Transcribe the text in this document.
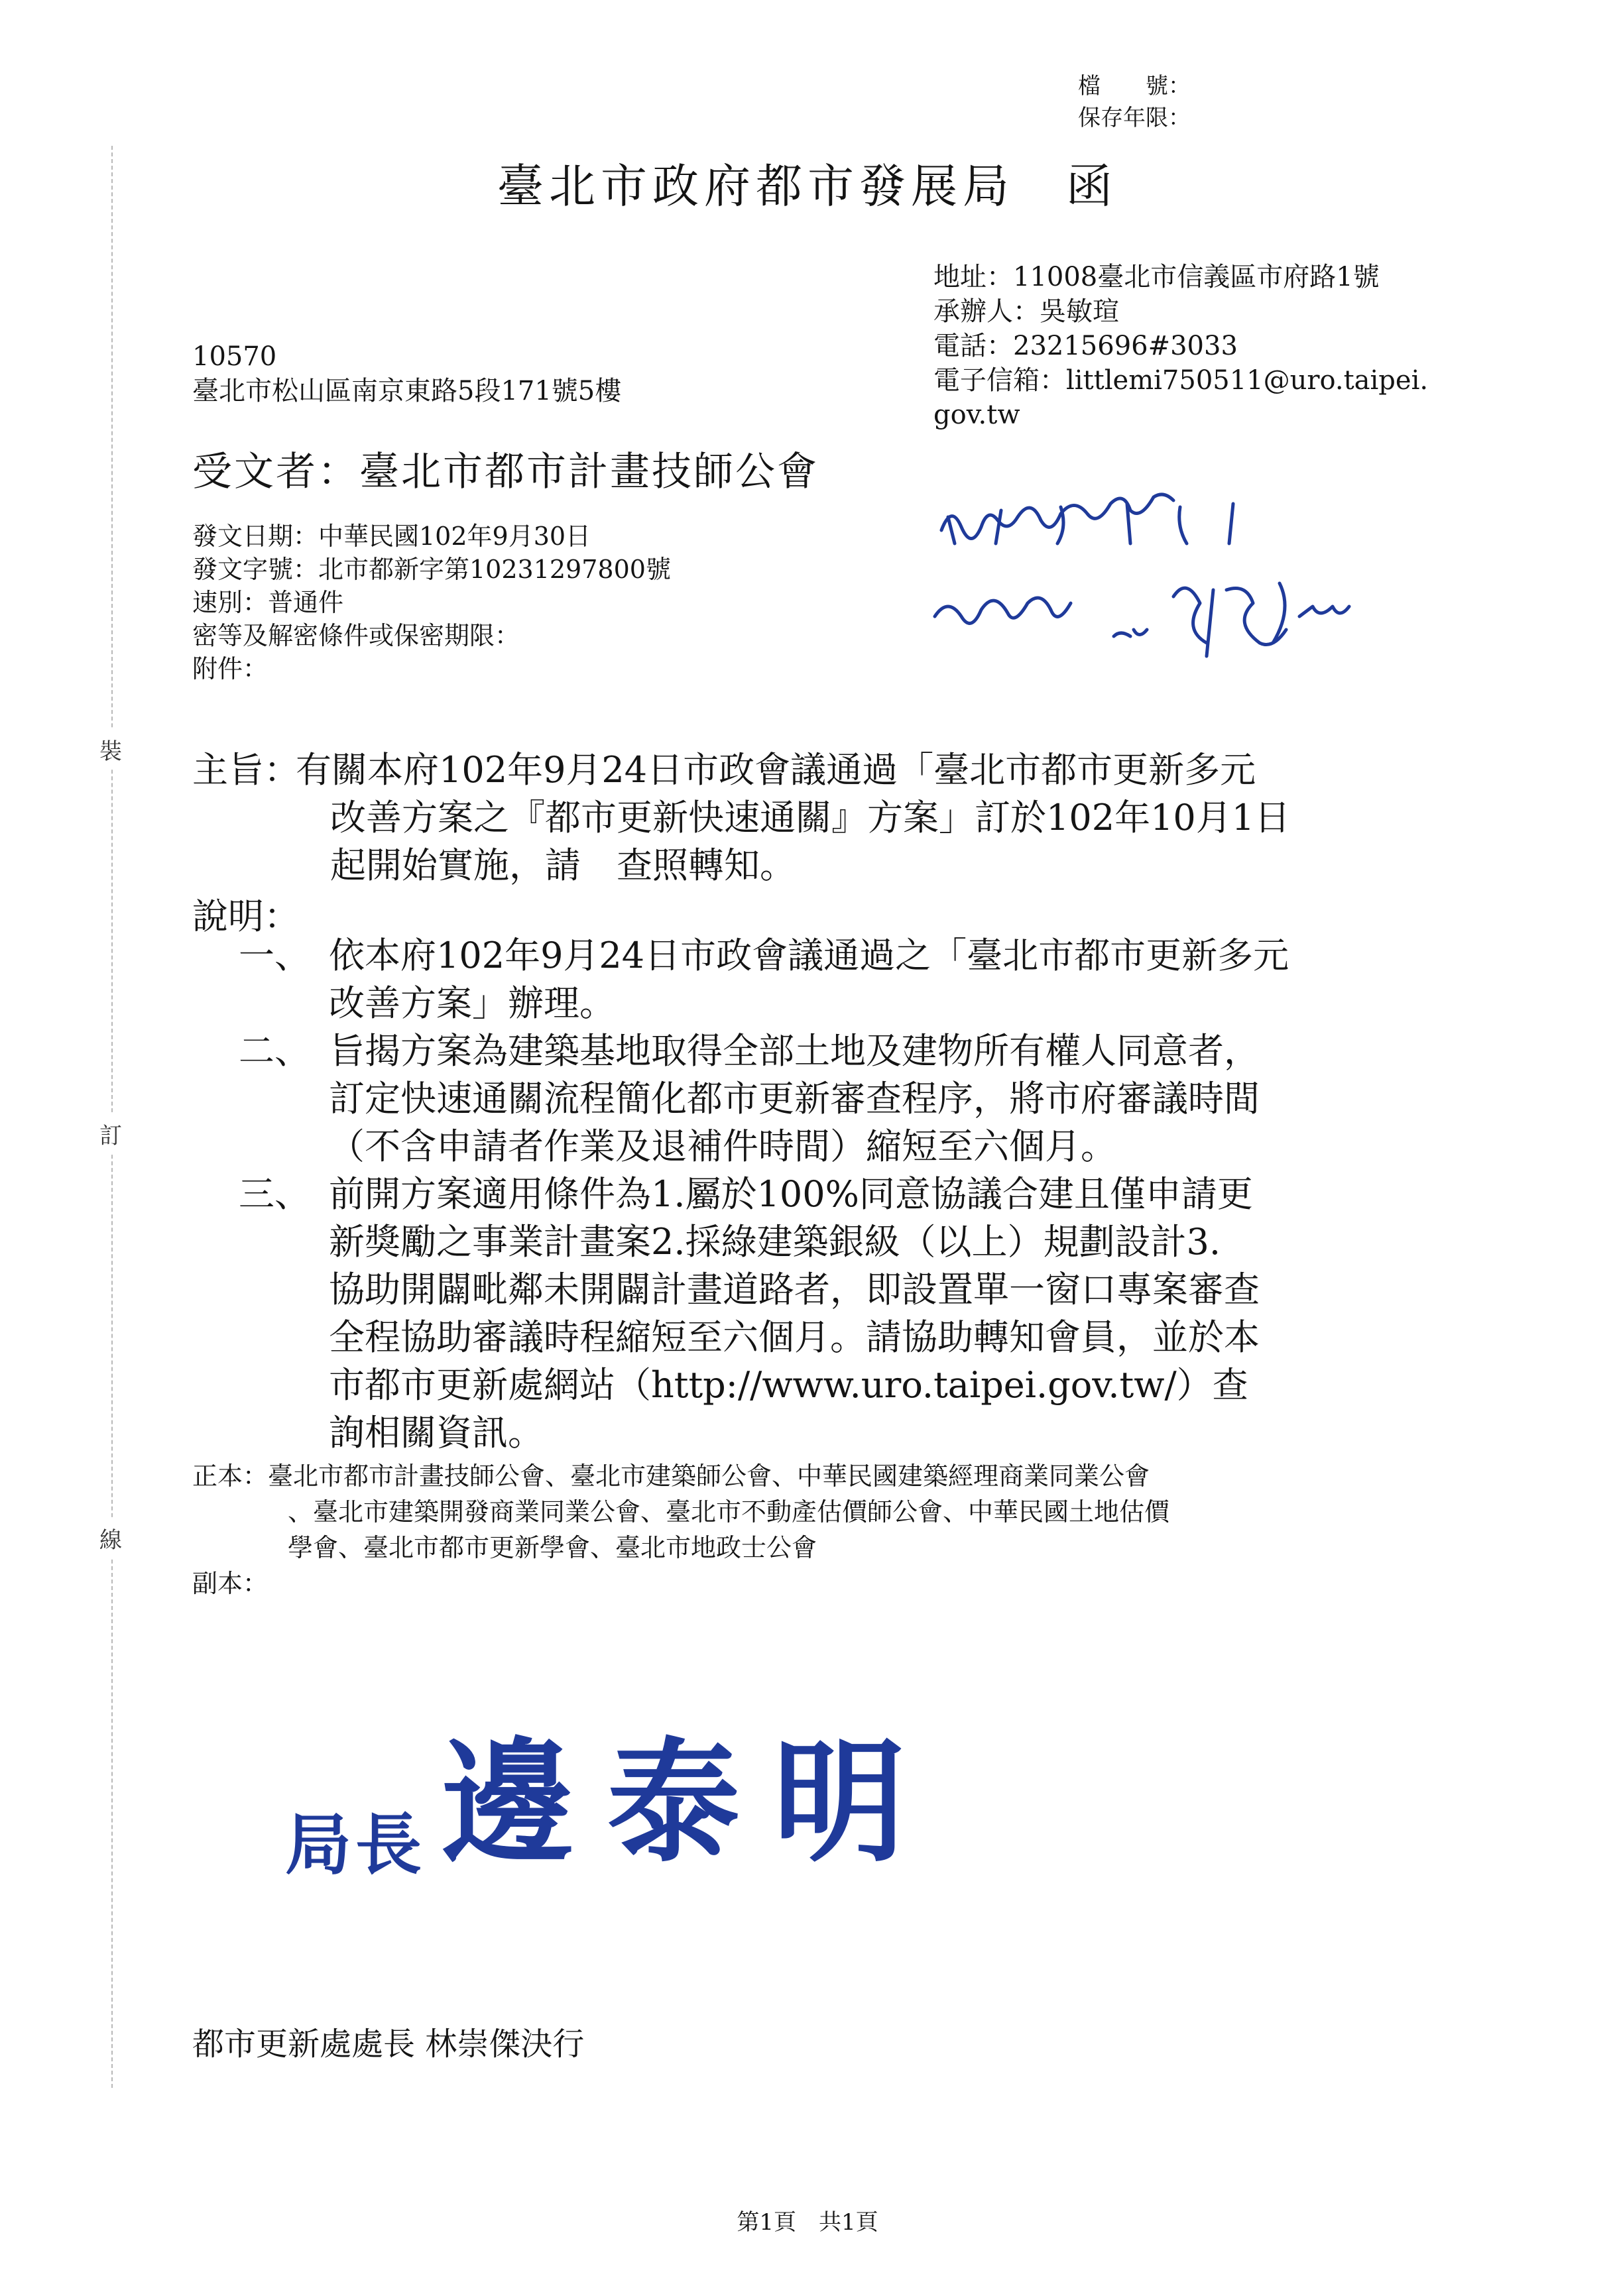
裝
訂
線
檔　　號：
保存年限：
臺北市政府都市發展局　函
地址：11008臺北市信義區市府路1號
承辦人：吳敏瑄
電話：23215696#3033
電子信箱：littlemi750511@uro.taipei.
gov.tw
10570
臺北市松山區南京東路5段171號5樓
受文者：臺北市都市計畫技師公會
發文日期：中華民國102年9月30日
發文字號：北市都新字第10231297800號
速別：普通件
密等及解密條件或保密期限：
附件：
主旨：有關本府102年9月24日市政會議通過「臺北市都市更新多元
改善方案之『都市更新快速通關』方案」訂於102年10月1日
起開始實施，請　查照轉知。
說明：
一、 依本府102年9月24日市政會議通過之「臺北市都市更新多元
改善方案」辦理。
二、 旨揭方案為建築基地取得全部土地及建物所有權人同意者，
訂定快速通關流程簡化都市更新審查程序，將市府審議時間
（不含申請者作業及退補件時間）縮短至六個月。
三、 前開方案適用條件為1.屬於100%同意協議合建且僅申請更
新獎勵之事業計畫案2.採綠建築銀級（以上）規劃設計3.
協助開闢毗鄰未開闢計畫道路者，即設置單一窗口專案審查
全程協助審議時程縮短至六個月。請協助轉知會員，並於本
市都市更新處網站（http://www.uro.taipei.gov.tw/）查
詢相關資訊。
正本：臺北市都市計畫技師公會、臺北市建築師公會、中華民國建築經理商業同業公會
、臺北市建築開發商業同業公會、臺北市不動產估價師公會、中華民國土地估價
學會、臺北市都市更新學會、臺北市地政士公會
副本：
局長 邊泰明
都市更新處處長 林崇傑決行
第1頁　共1頁
